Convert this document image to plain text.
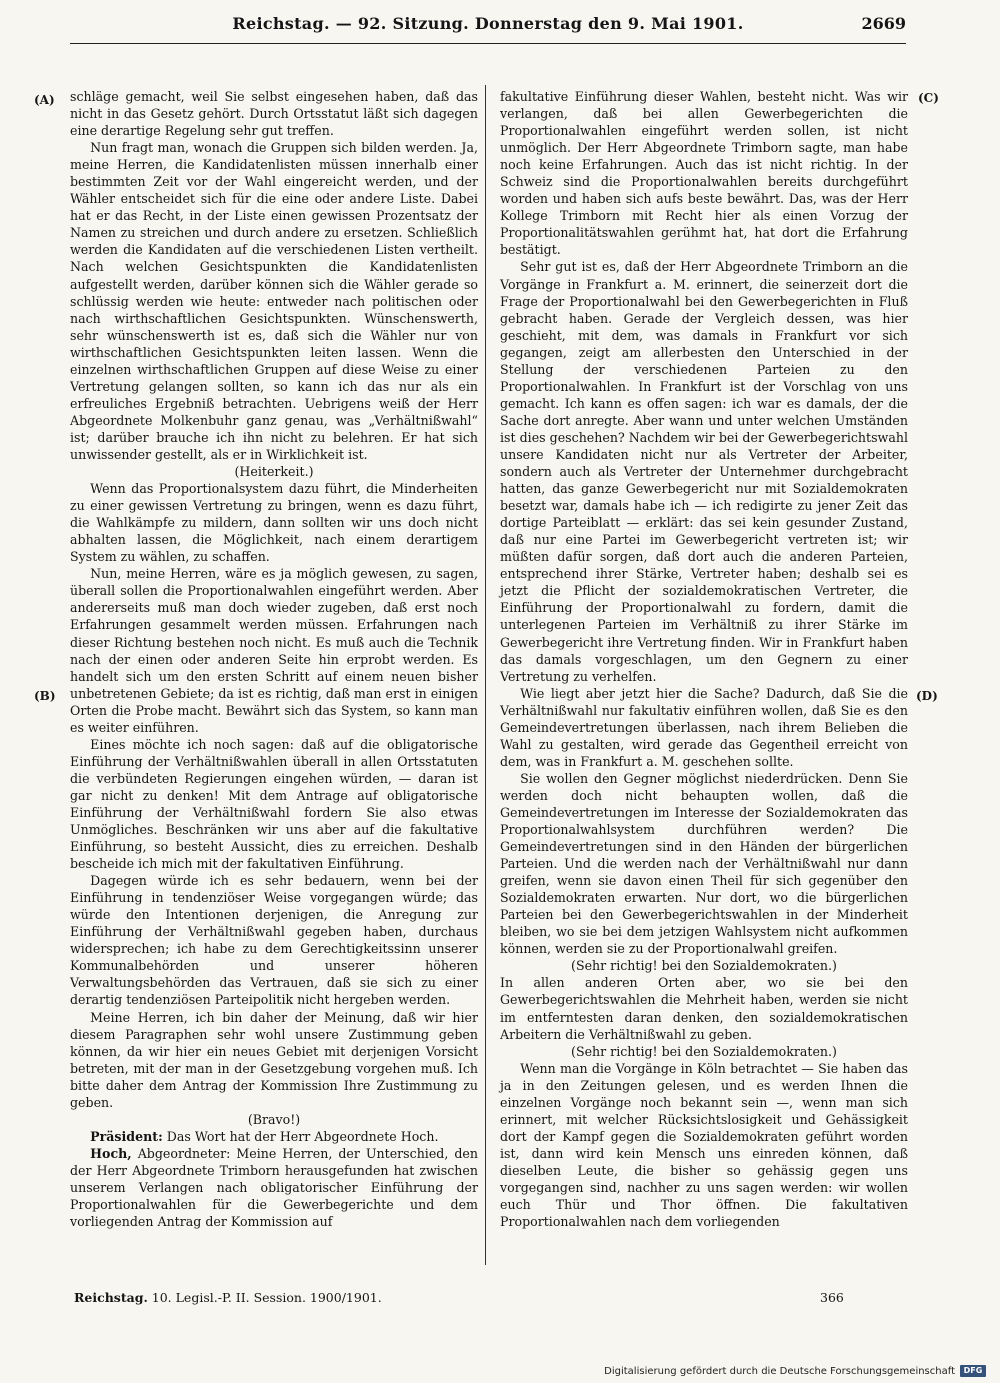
Reichstag. — 92. Sitzung. Donnerstag den 9. Mai 1901.	2669
(A)
(B)
(C)
(D)

schläge gemacht, weil Sie selbst eingesehen haben, daß das nicht in das Gesetz gehört. Durch Ortsstatut läßt sich dagegen eine derartige Regelung sehr gut treffen.

Nun fragt man, wonach die Gruppen sich bilden werden. Ja, meine Herren, die Kandidatenlisten müssen innerhalb einer bestimmten Zeit vor der Wahl eingereicht werden, und der Wähler entscheidet sich für die eine oder andere Liste. Dabei hat er das Recht, in der Liste einen gewissen Prozentsatz der Namen zu streichen und durch andere zu ersetzen. Schließlich werden die Kandidaten auf die verschiedenen Listen vertheilt. Nach welchen Gesichtspunkten die Kandidatenlisten aufgestellt werden, darüber können sich die Wähler gerade so schlüssig werden wie heute: entweder nach politischen oder nach wirthschaftlichen Gesichtspunkten. Wünschenswerth, sehr wünschenswerth ist es, daß sich die Wähler nur von wirthschaftlichen Gesichtspunkten leiten lassen. Wenn die einzelnen wirthschaftlichen Gruppen auf diese Weise zu einer Vertretung gelangen sollten, so kann ich das nur als ein erfreuliches Ergebniß betrachten. Uebrigens weiß der Herr Abgeordnete Molkenbuhr ganz genau, was „Verhältnißwahl“ ist; darüber brauche ich ihn nicht zu belehren. Er hat sich unwissender gestellt, als er in Wirklichkeit ist.

(Heiterkeit.)

Wenn das Proportionalsystem dazu führt, die Minderheiten zu einer gewissen Vertretung zu bringen, wenn es dazu führt, die Wahlkämpfe zu mildern, dann sollten wir uns doch nicht abhalten lassen, die Möglichkeit, nach einem derartigem System zu wählen, zu schaffen.

Nun, meine Herren, wäre es ja möglich gewesen, zu sagen, überall sollen die Proportionalwahlen eingeführt werden. Aber andererseits muß man doch wieder zugeben, daß erst noch Erfahrungen gesammelt werden müssen. Erfahrungen nach dieser Richtung bestehen noch nicht. Es muß auch die Technik nach der einen oder anderen Seite hin erprobt werden. Es handelt sich um den ersten Schritt auf einem neuen bisher unbetretenen Gebiete; da ist es richtig, daß man erst in einigen Orten die Probe macht. Bewährt sich das System, so kann man es weiter einführen.

Eines möchte ich noch sagen: daß auf die obligatorische Einführung der Verhältnißwahlen überall in allen Ortsstatuten die verbündeten Regierungen eingehen würden, — daran ist gar nicht zu denken! Mit dem Antrage auf obligatorische Einführung der Verhältnißwahl fordern Sie also etwas Unmögliches. Beschränken wir uns aber auf die fakultative Einführung, so besteht Aussicht, dies zu erreichen. Deshalb bescheide ich mich mit der fakultativen Einführung.

Dagegen würde ich es sehr bedauern, wenn bei der Einführung in tendenziöser Weise vorgegangen würde; das würde den Intentionen derjenigen, die Anregung zur Einführung der Verhältnißwahl gegeben haben, durchaus widersprechen; ich habe zu dem Gerechtigkeitssinn unserer Kommunalbehörden und unserer höheren Verwaltungsbehörden das Vertrauen, daß sie sich zu einer derartig tendenziösen Parteipolitik nicht hergeben werden.

Meine Herren, ich bin daher der Meinung, daß wir hier diesem Paragraphen sehr wohl unsere Zustimmung geben können, da wir hier ein neues Gebiet mit derjenigen Vorsicht betreten, mit der man in der Gesetzgebung vorgehen muß. Ich bitte daher dem Antrag der Kommission Ihre Zustimmung zu geben.

(Bravo!)

Präsident: Das Wort hat der Herr Abgeordnete Hoch.

Hoch, Abgeordneter: Meine Herren, der Unterschied, den der Herr Abgeordnete Trimborn herausgefunden hat zwischen unserem Verlangen nach obligatorischer Einführung der Proportionalwahlen für die Gewerbegerichte und dem vorliegenden Antrag der Kommission auf

fakultative Einführung dieser Wahlen, besteht nicht. Was wir verlangen, daß bei allen Gewerbegerichten die Proportionalwahlen eingeführt werden sollen, ist nicht unmöglich. Der Herr Abgeordnete Trimborn sagte, man habe noch keine Erfahrungen. Auch das ist nicht richtig. In der Schweiz sind die Proportionalwahlen bereits durchgeführt worden und haben sich aufs beste bewährt. Das, was der Herr Kollege Trimborn mit Recht hier als einen Vorzug der Proportionalitätswahlen gerühmt hat, hat dort die Erfahrung bestätigt.

Sehr gut ist es, daß der Herr Abgeordnete Trimborn an die Vorgänge in Frankfurt a. M. erinnert, die seinerzeit dort die Frage der Proportionalwahl bei den Gewerbegerichten in Fluß gebracht haben. Gerade der Vergleich dessen, was hier geschieht, mit dem, was damals in Frankfurt vor sich gegangen, zeigt am allerbesten den Unterschied in der Stellung der verschiedenen Parteien zu den Proportionalwahlen. In Frankfurt ist der Vorschlag von uns gemacht. Ich kann es offen sagen: ich war es damals, der die Sache dort anregte. Aber wann und unter welchen Umständen ist dies geschehen? Nachdem wir bei der Gewerbegerichtswahl unsere Kandidaten nicht nur als Vertreter der Arbeiter, sondern auch als Vertreter der Unternehmer durchgebracht hatten, das ganze Gewerbegericht nur mit Sozialdemokraten besetzt war, damals habe ich — ich redigirte zu jener Zeit das dortige Parteiblatt — erklärt: das sei kein gesunder Zustand, daß nur eine Partei im Gewerbegericht vertreten ist; wir müßten dafür sorgen, daß dort auch die anderen Parteien, entsprechend ihrer Stärke, Vertreter haben; deshalb sei es jetzt die Pflicht der sozialdemokratischen Vertreter, die Einführung der Proportionalwahl zu fordern, damit die unterlegenen Parteien im Verhältniß zu ihrer Stärke im Gewerbegericht ihre Vertretung finden. Wir in Frankfurt haben das damals vorgeschlagen, um den Gegnern zu einer Vertretung zu verhelfen.

Wie liegt aber jetzt hier die Sache? Dadurch, daß Sie die Verhältnißwahl nur fakultativ einführen wollen, daß Sie es den Gemeindevertretungen überlassen, nach ihrem Belieben die Wahl zu gestalten, wird gerade das Gegentheil erreicht von dem, was in Frankfurt a. M. geschehen sollte.

Sie wollen den Gegner möglichst niederdrücken. Denn Sie werden doch nicht behaupten wollen, daß die Gemeindevertretungen im Interesse der Sozialdemokraten das Proportionalwahlsystem durchführen werden? Die Gemeindevertretungen sind in den Händen der bürgerlichen Parteien. Und die werden nach der Verhältnißwahl nur dann greifen, wenn sie davon einen Theil für sich gegenüber den Sozialdemokraten erwarten. Nur dort, wo die bürgerlichen Parteien bei den Gewerbegerichtswahlen in der Minderheit bleiben, wo sie bei dem jetzigen Wahlsystem nicht aufkommen können, werden sie zu der Proportionalwahl greifen.

(Sehr richtig! bei den Sozialdemokraten.)

In allen anderen Orten aber, wo sie bei den Gewerbegerichtswahlen die Mehrheit haben, werden sie nicht im entferntesten daran denken, den sozialdemokratischen Arbeitern die Verhältnißwahl zu geben.

(Sehr richtig! bei den Sozialdemokraten.)

Wenn man die Vorgänge in Köln betrachtet — Sie haben das ja in den Zeitungen gelesen, und es werden Ihnen die einzelnen Vorgänge noch bekannt sein —, wenn man sich erinnert, mit welcher Rücksichtslosigkeit und Gehässigkeit dort der Kampf gegen die Sozialdemokraten geführt worden ist, dann wird kein Mensch uns einreden können, daß dieselben Leute, die bisher so gehässig gegen uns vorgegangen sind, nachher zu uns sagen werden: wir wollen euch Thür und Thor öffnen. Die fakultativen Proportionalwahlen nach dem vorliegenden

Reichstag. 10. Legisl.-P. II. Session. 1900/1901.	366
Digitalisierung gefördert durch die Deutsche Forschungsgemeinschaft	DFG
